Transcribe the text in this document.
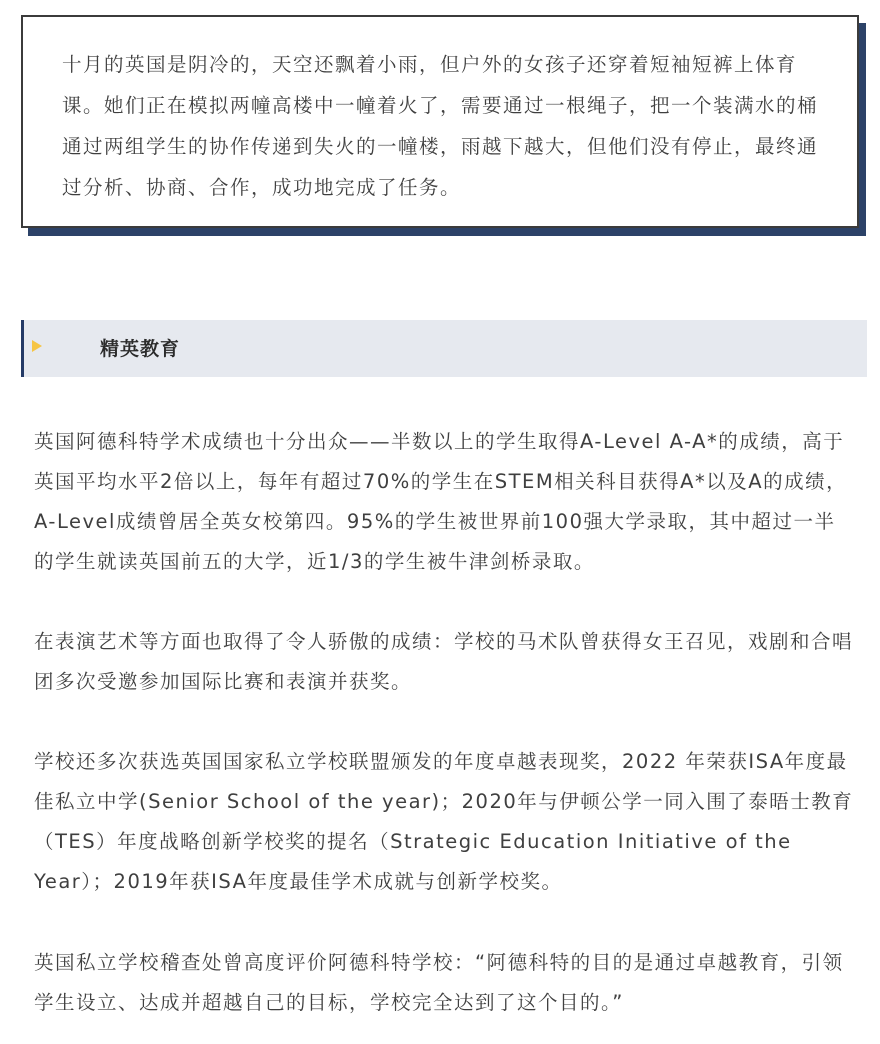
十月的英国是阴冷的，天空还飘着小雨，但户外的女孩子还穿着短袖短裤上体育课。她们正在模拟两幢高楼中一幢着火了，需要通过一根绳子，把一个装满水的桶通过两组学生的协作传递到失火的一幢楼，雨越下越大，但他们没有停止，最终通过分析、协商、合作，成功地完成了任务。

精英教育

英国阿德科特学术成绩也十分出众——半数以上的学生取得A-Level A-A*的成绩，高于英国平均水平2倍以上，每年有超过70%的学生在STEM相关科目获得A*以及A的成绩，A-Level成绩曾居全英女校第四。95%的学生被世界前100强大学录取，其中超过一半的学生就读英国前五的大学，近1/3的学生被牛津剑桥录取。

在表演艺术等方面也取得了令人骄傲的成绩：学校的马术队曾获得女王召见，戏剧和合唱团多次受邀参加国际比赛和表演并获奖。

学校还多次获选英国国家私立学校联盟颁发的年度卓越表现奖，2022 年荣获ISA年度最佳私立中学(Senior School of the year)；2020年与伊顿公学一同入围了泰晤士教育（TES）年度战略创新学校奖的提名（Strategic Education Initiative of the Year）；2019年获ISA年度最佳学术成就与创新学校奖。

英国私立学校稽查处曾高度评价阿德科特学校：“阿德科特的目的是通过卓越教育，引领学生设立、达成并超越自己的目标，学校完全达到了这个目的。”
